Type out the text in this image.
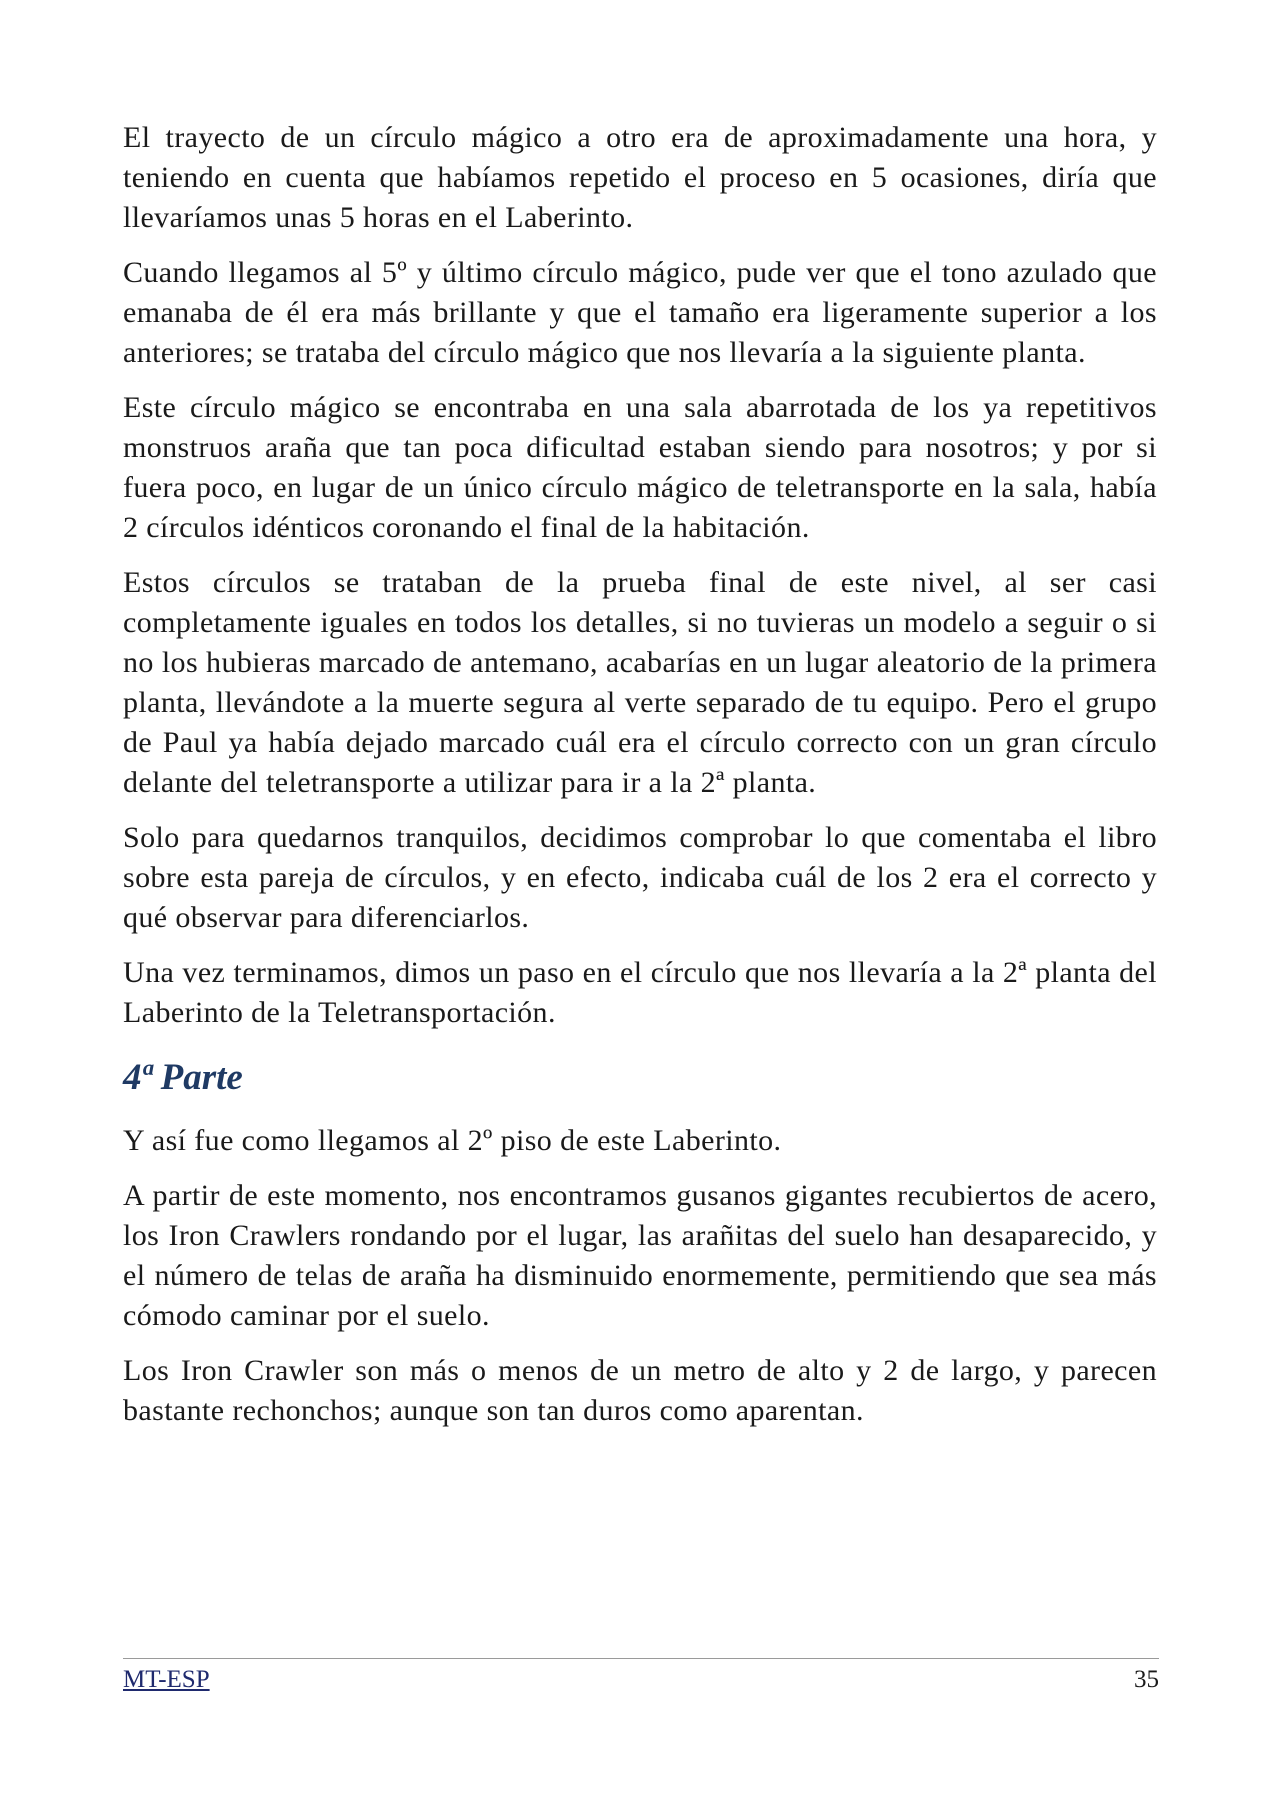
El trayecto de un círculo mágico a otro era de aproximadamente una hora, y teniendo en cuenta que habíamos repetido el proceso en 5 ocasiones, diría que llevaríamos unas 5 horas en el Laberinto.

Cuando llegamos al 5º y último círculo mágico, pude ver que el tono azulado que emanaba de él era más brillante y que el tamaño era ligeramente superior a los anteriores; se trataba del círculo mágico que nos llevaría a la siguiente planta.

Este círculo mágico se encontraba en una sala abarrotada de los ya repetitivos monstruos araña que tan poca dificultad estaban siendo para nosotros; y por si fuera poco, en lugar de un único círculo mágico de teletransporte en la sala, había 2 círculos idénticos coronando el final de la habitación.

Estos círculos se trataban de la prueba final de este nivel, al ser casi completamente iguales en todos los detalles, si no tuvieras un modelo a seguir o si no los hubieras marcado de antemano, acabarías en un lugar aleatorio de la primera planta, llevándote a la muerte segura al verte separado de tu equipo. Pero el grupo de Paul ya había dejado marcado cuál era el círculo correcto con un gran círculo delante del teletransporte a utilizar para ir a la 2ª planta.

Solo para quedarnos tranquilos, decidimos comprobar lo que comentaba el libro sobre esta pareja de círculos, y en efecto, indicaba cuál de los 2 era el correcto y qué observar para diferenciarlos.

Una vez terminamos, dimos un paso en el círculo que nos llevaría a la 2ª planta del Laberinto de la Teletransportación.

4ª Parte

Y así fue como llegamos al 2º piso de este Laberinto.

A partir de este momento, nos encontramos gusanos gigantes recubiertos de acero, los Iron Crawlers rondando por el lugar, las arañitas del suelo han desaparecido, y el número de telas de araña ha disminuido enormemente, permitiendo que sea más cómodo caminar por el suelo.

Los Iron Crawler son más o menos de un metro de alto y 2 de largo, y parecen bastante rechonchos; aunque son tan duros como aparentan.

MT-ESP	35
